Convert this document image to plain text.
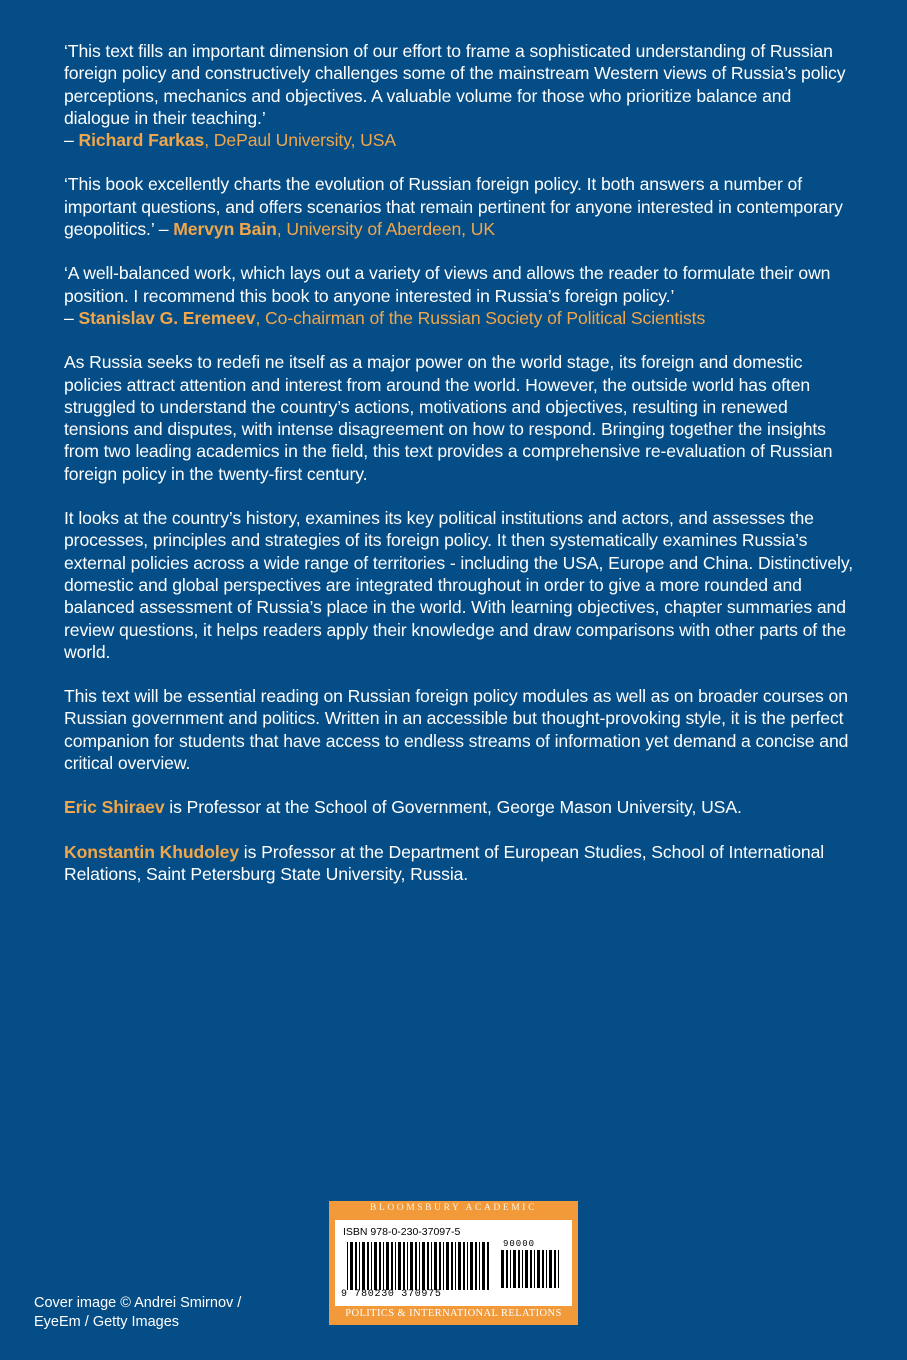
‘This text fills an important dimension of our effort to frame a sophisticated understanding of Russian foreign policy and constructively challenges some of the mainstream Western views of Russia’s policy perceptions, mechanics and objectives. A valuable volume for those who prioritize balance and dialogue in their teaching.’
– Richard Farkas, DePaul University, USA

‘This book excellently charts the evolution of Russian foreign policy. It both answers a number of important questions, and offers scenarios that remain pertinent for anyone interested in contemporary geopolitics.’ – Mervyn Bain, University of Aberdeen, UK

‘A well-balanced work, which lays out a variety of views and allows the reader to formulate their own position. I recommend this book to anyone interested in Russia’s foreign policy.’
– Stanislav G. Eremeev, Co-chairman of the Russian Society of Political Scientists

As Russia seeks to redefi ne itself as a major power on the world stage, its foreign and domestic policies attract attention and interest from around the world. However, the outside world has often struggled to understand the country’s actions, motivations and objectives, resulting in renewed tensions and disputes, with intense disagreement on how to respond. Bringing together the insights from two leading academics in the field, this text provides a comprehensive re-evaluation of Russian foreign policy in the twenty-first century.

It looks at the country’s history, examines its key political institutions and actors, and assesses the processes, principles and strategies of its foreign policy. It then systematically examines Russia’s external policies across a wide range of territories - including the USA, Europe and China. Distinctively, domestic and global perspectives are integrated throughout in order to give a more rounded and balanced assessment of Russia’s place in the world. With learning objectives, chapter summaries and review questions, it helps readers apply their knowledge and draw comparisons with other parts of the world.

This text will be essential reading on Russian foreign policy modules as well as on broader courses on Russian government and politics. Written in an accessible but thought-provoking style, it is the perfect companion for students that have access to endless streams of information yet demand a concise and critical overview.

Eric Shiraev is Professor at the School of Government, George Mason University, USA.

Konstantin Khudoley is Professor at the Department of European Studies, School of International Relations, Saint Petersburg State University, Russia.

Cover image © Andrei Smirnov /
EyeEm / Getty Images
BLOOMSBURY ACADEMIC
ISBN 978-0-230-37097-5
90000
9 780230 370975
POLITICS & INTERNATIONAL RELATIONS
